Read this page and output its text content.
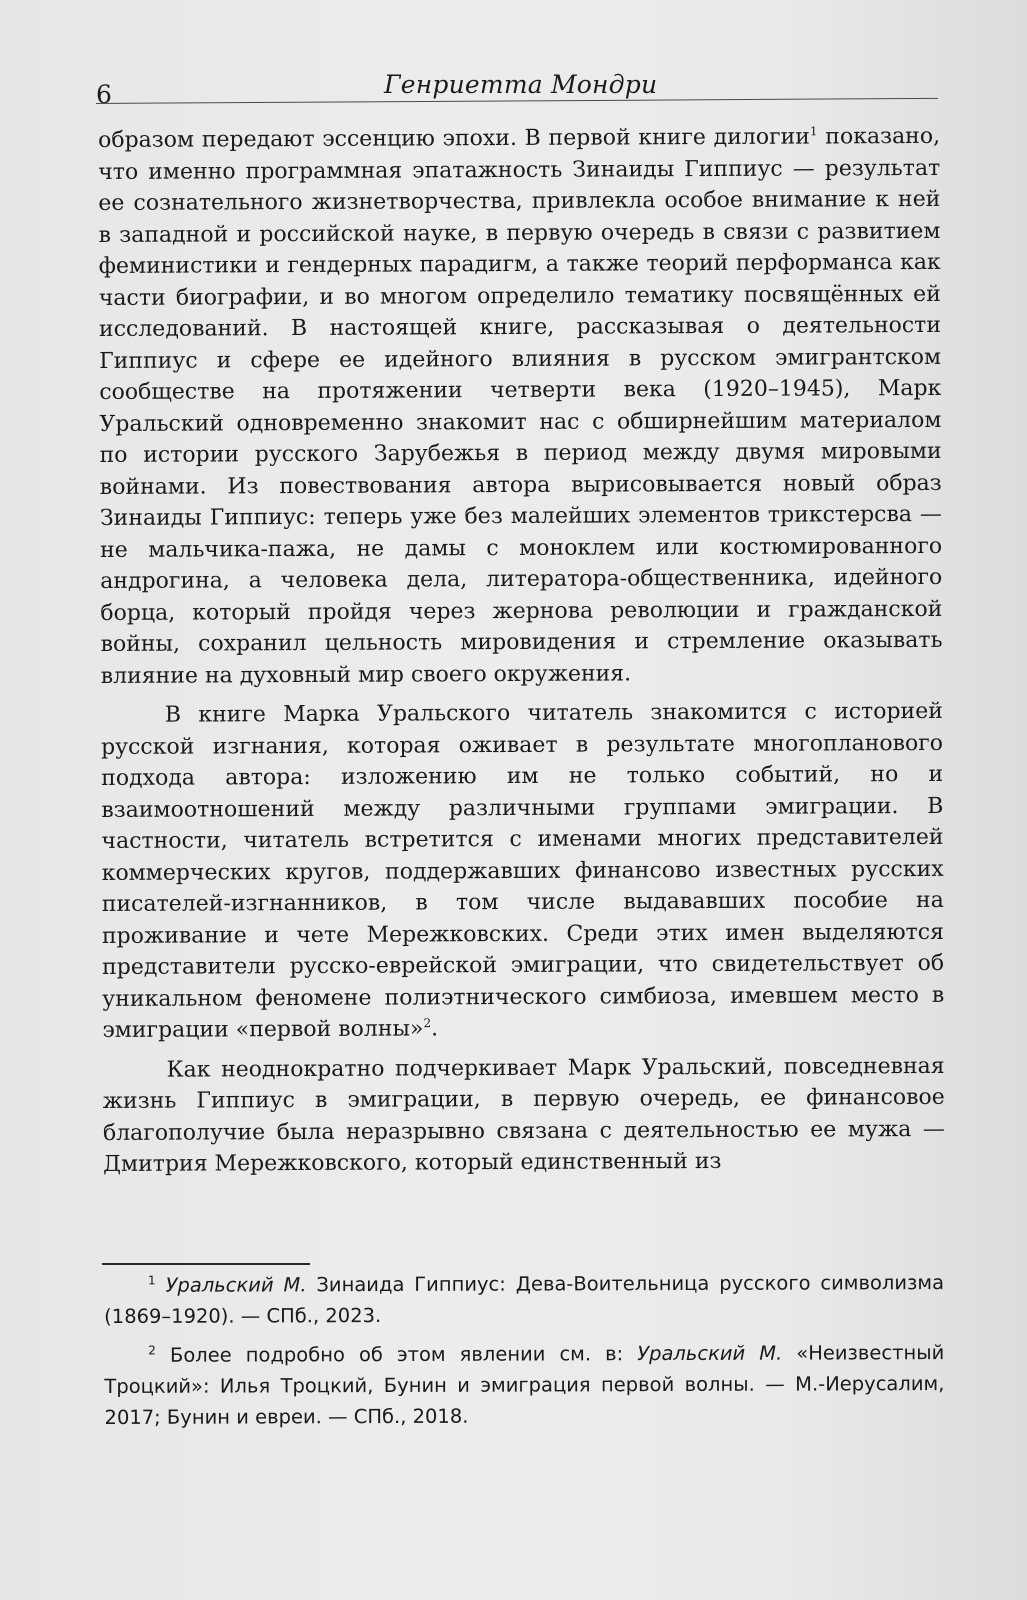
6	Генриетта Мондри

образом передают эссенцию эпохи. В первой книге дилогии$^1$ показано, что именно программная эпатажность Зинаиды Гиппиус — результат ее сознательного жизнетворчества, привлекла особое внимание к ней в западной и российской науке, в первую очередь в связи с развитием феминистики и гендерных парадигм, а также теорий перформанса как части биографии, и во многом определило тематику посвящённых ей исследований. В настоящей книге, рассказывая о деятельности Гиппиус и сфере ее идейного влияния в русском эмигрантском сообществе на протяжении четверти века (1920–1945), Марк Уральский одновременно знакомит нас с обширнейшим материалом по истории русского Зарубежья в период между двумя мировыми войнами. Из повествования автора вырисовывается новый образ Зинаиды Гиппиус: теперь уже без малейших элементов трикстерсва — не мальчика-пажа, не дамы с моноклем или костюмированного андрогина, а человека дела, литератора-общественника, идейного борца, который пройдя через жернова революции и гражданской войны, сохранил цельность мировидения и стремление оказывать влияние на духовный мир своего окружения.

В книге Марка Уральского читатель знакомится с историей русской изгнания, которая оживает в результате многопланового подхода автора: изложению им не только событий, но и взаимоотношений между различными группами эмиграции. В частности, читатель встретится с именами многих представителей коммерческих кругов, поддержавших финансово известных русских писателей-изгнанников, в том числе выдававших пособие на проживание и чете Мережковских. Среди этих имен выделяются представители русско-еврейской эмиграции, что свидетельствует об уникальном феномене полиэтнического симбиоза, имевшем место в эмиграции «первой волны»$^2$.

Как неоднократно подчеркивает Марк Уральский, повседневная жизнь Гиппиус в эмиграции, в первую очередь, ее финансовое благополучие была неразрывно связана с деятельностью ее мужа — Дмитрия Мережковского, который единственный из

$^1$ Уральский М. Зинаида Гиппиус: Дева-Воительница русского символизма (1869–1920). — СПб., 2023.

$^2$ Более подробно об этом явлении см. в: Уральский М. «Неизвестный Троцкий»: Илья Троцкий, Бунин и эмиграция первой волны. — М.-Иерусалим, 2017; Бунин и евреи. — СПб., 2018.
